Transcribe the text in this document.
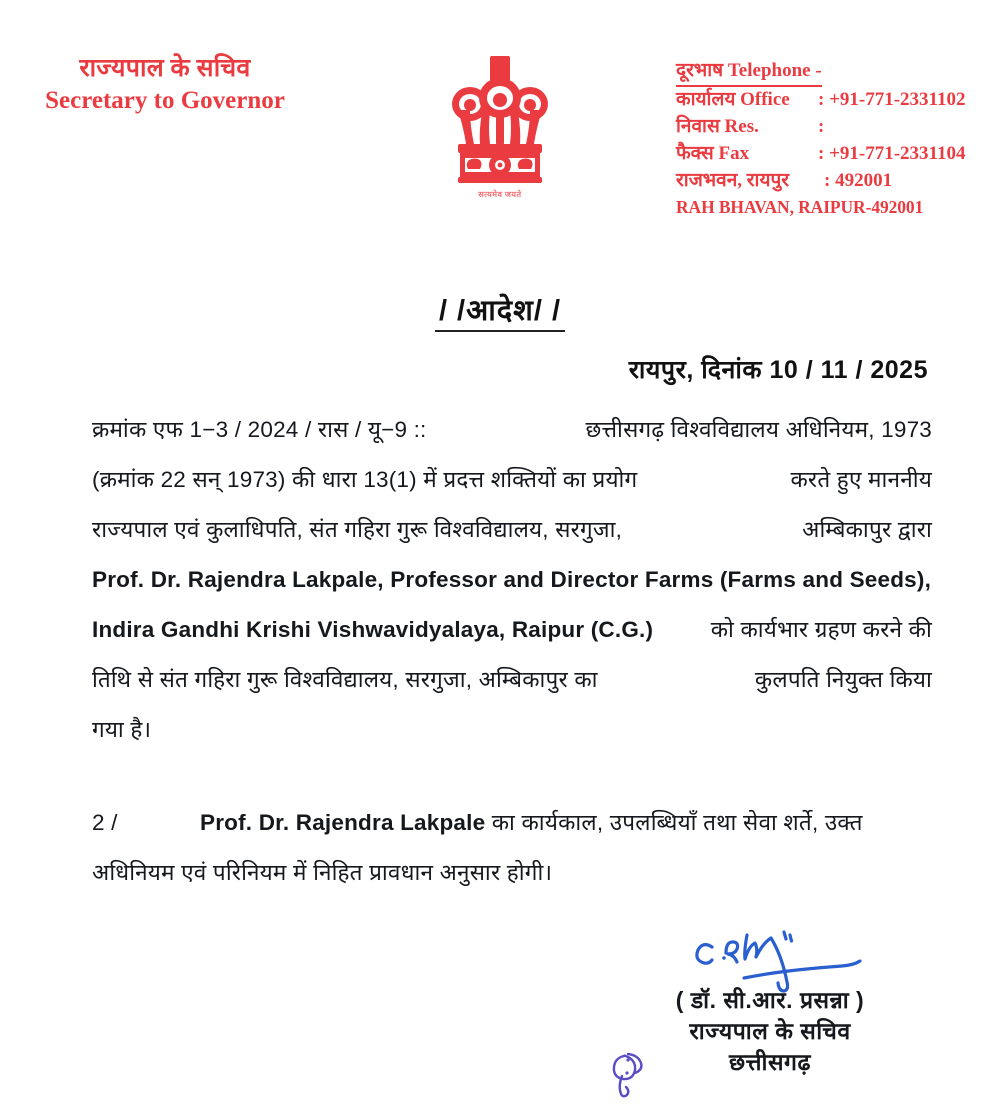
राज्यपाल के सचिव
Secretary to Governor
सत्यमेव जयते
दूरभाष Telephone -
कार्यालय Office : +91-771-2331102
निवास Res.	:
फैक्स Fax	: +91-771-2331104
राजभवन, रायपुर : 492001
RAH BHAVAN, RAIPUR-492001
/ /आदेश/ /
रायपुर, दिनांक 10 / 11 / 2025
क्रमांक एफ 1−3 / 2024 / रास / यू−9 ::	छत्तीसगढ़ विश्वविद्यालय अधिनियम, 1973
(क्रमांक 22 सन् 1973) की धारा 13(1) में प्रदत्त शक्तियों का प्रयोग	करते हुए माननीय
राज्यपाल एवं कुलाधिपति, संत गहिरा गुरू विश्वविद्यालय, सरगुजा,	अम्बिकापुर द्वारा
Prof. Dr. Rajendra Lakpale, Professor and Director Farms (Farms and Seeds),
Indira Gandhi Krishi Vishwavidyalaya, Raipur (C.G.)	को कार्यभार ग्रहण करने की
तिथि से संत गहिरा गुरू विश्वविद्यालय, सरगुजा, अम्बिकापुर का	कुलपति नियुक्त किया
गया है।
2 /	Prof. Dr. Rajendra Lakpale का कार्यकाल, उपलब्धियाँ तथा सेवा शर्ते, उक्त
अधिनियम एवं परिनियम में निहित प्रावधान अनुसार होगी।
( डॉ. सी.आर. प्रसन्ना )
राज्यपाल के सचिव
छत्तीसगढ़
